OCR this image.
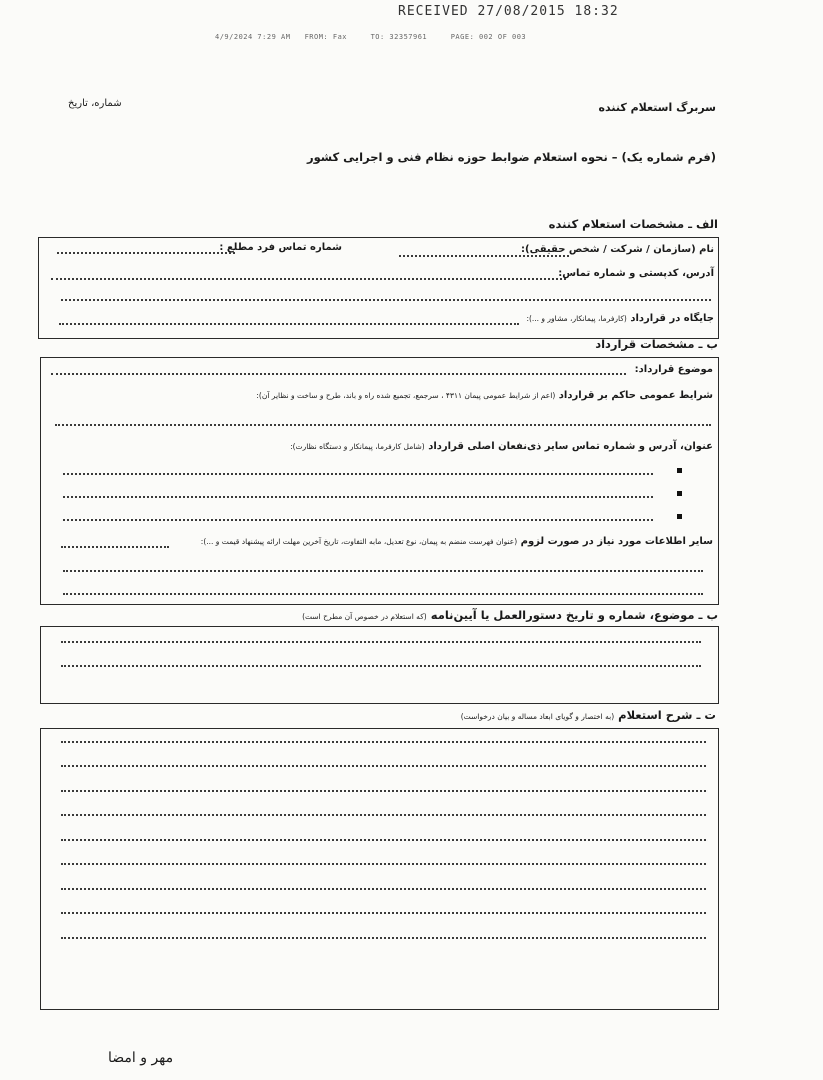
RECEIVED 27/08/2015 18:32
4/9/2024 7:29 AM   FROM: Fax     TO: 32357961     PAGE: 002 OF 003
شماره، تاریخ	سربرگ استعلام کننده
(فرم شماره یک) – نحوه استعلام ضوابط حوزه نظام فنی و اجرایی کشور
الف ـ مشخصات استعلام کننده
نام (سازمان / شرکت / شخص حقیقی):
شماره تماس فرد مطلع :
آدرس، کدپستی و شماره تماس:
جایگاه در قرارداد (کارفرما، پیمانکار، مشاور و ...):
ب ـ مشخصات قرارداد
موضوع قرارداد:
شرایط عمومی حاکم بر قرارداد (اعم از شرایط عمومی پیمان ۴۳۱۱ ، سرجمع، تجمیع شده راه و باند، طرح و ساخت و نظایر آن):
عنوان، آدرس و شماره تماس سایر ذی‌نفعان اصلی قرارداد (شامل کارفرما، پیمانکار و دستگاه نظارت):
سایر اطلاعات مورد نیاز در صورت لزوم (عنوان فهرست منضم به پیمان، نوع تعدیل، مابه التفاوت، تاریخ آخرین مهلت ارائه پیشنهاد قیمت و ...):
ب ـ موضوع، شماره و تاریخ دستورالعمل یا آیین‌نامه (که استعلام در خصوص آن مطرح است)
ت ـ شرح استعلام (به اختصار و گویای ابعاد مساله و بیان درخواست)
مهر و امضا
